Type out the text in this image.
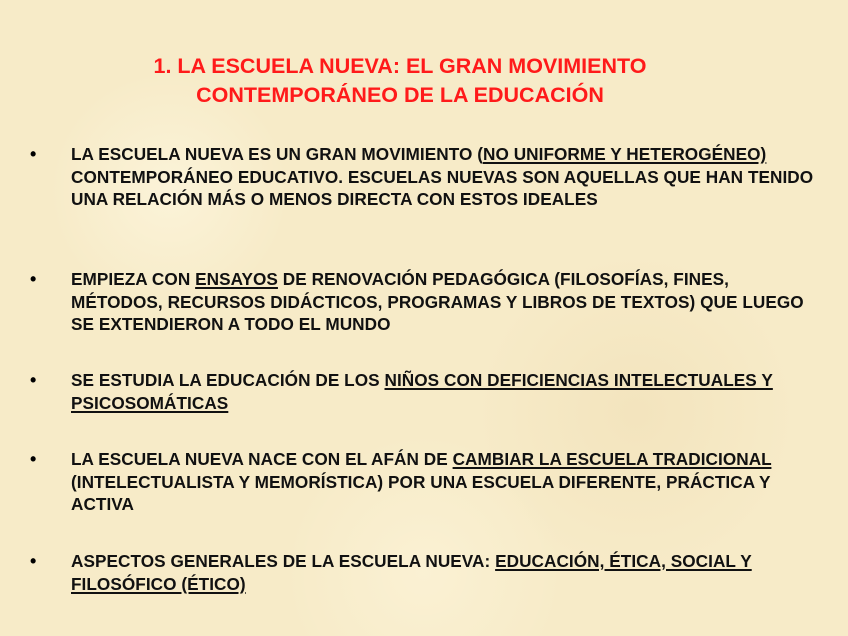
1. LA ESCUELA NUEVA: EL GRAN MOVIMIENTO
CONTEMPORÁNEO DE LA EDUCACIÓN
• LA ESCUELA NUEVA ES UN GRAN MOVIMIENTO (NO UNIFORME Y HETEROGÉNEO) CONTEMPORÁNEO EDUCATIVO. ESCUELAS NUEVAS SON AQUELLAS QUE HAN TENIDO UNA RELACIÓN MÁS O MENOS DIRECTA CON ESTOS IDEALES
• EMPIEZA CON ENSAYOS DE RENOVACIÓN PEDAGÓGICA (FILOSOFÍAS, FINES, MÉTODOS, RECURSOS DIDÁCTICOS, PROGRAMAS Y LIBROS DE TEXTOS) QUE LUEGO SE EXTENDIERON A TODO EL MUNDO
• SE ESTUDIA LA EDUCACIÓN DE LOS NIÑOS CON DEFICIENCIAS INTELECTUALES Y PSICOSOMÁTICAS
• LA ESCUELA NUEVA NACE CON EL AFÁN DE CAMBIAR LA ESCUELA TRADICIONAL (INTELECTUALISTA Y MEMORÍSTICA) POR UNA ESCUELA DIFERENTE, PRÁCTICA Y ACTIVA
• ASPECTOS GENERALES DE LA ESCUELA NUEVA: EDUCACIÓN, ÉTICA, SOCIAL Y FILOSÓFICO (ÉTICO)
